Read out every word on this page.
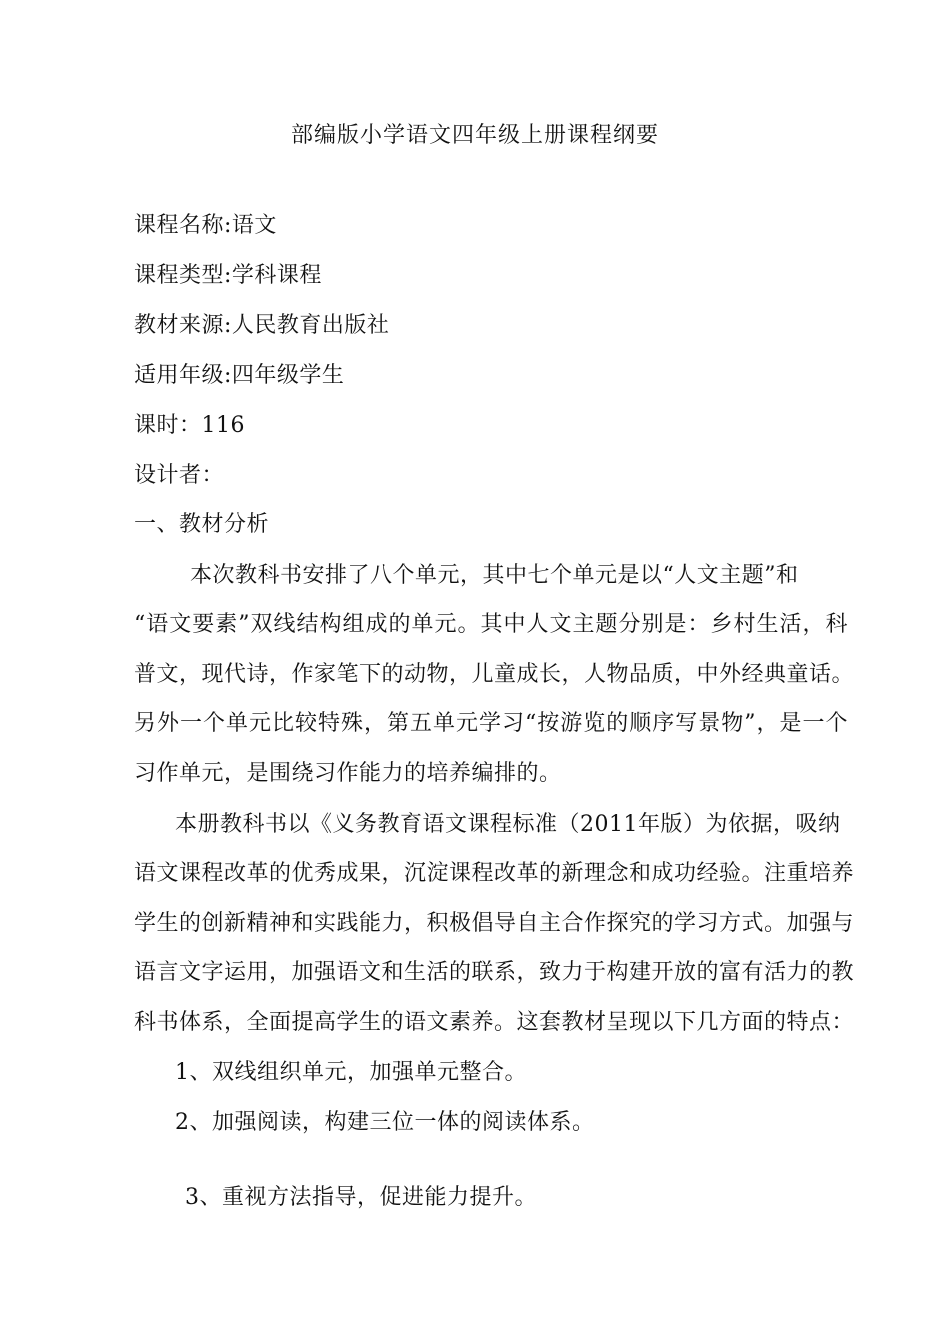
部编版小学语文四年级上册课程纲要
课程名称:语文
课程类型:学科课程
教材来源:人民教育出版社
适用年级:四年级学生
课时：116
设计者：
一、教材分析
本次教科书安排了八个单元，其中七个单元是以“人文主题”和
“语文要素”双线结构组成的单元。其中人文主题分别是：乡村生活，科
普文，现代诗，作家笔下的动物，儿童成长，人物品质，中外经典童话。
另外一个单元比较特殊，第五单元学习“按游览的顺序写景物”，是一个
习作单元，是围绕习作能力的培养编排的。
本册教科书以《义务教育语文课程标准（2011年版）为依据，吸纳
语文课程改革的优秀成果，沉淀课程改革的新理念和成功经验。注重培养
学生的创新精神和实践能力，积极倡导自主合作探究的学习方式。加强与
语言文字运用，加强语文和生活的联系，致力于构建开放的富有活力的教
科书体系，全面提高学生的语文素养。这套教材呈现以下几方面的特点：
1、双线组织单元，加强单元整合。
2、加强阅读，构建三位一体的阅读体系。
3、重视方法指导，促进能力提升。
